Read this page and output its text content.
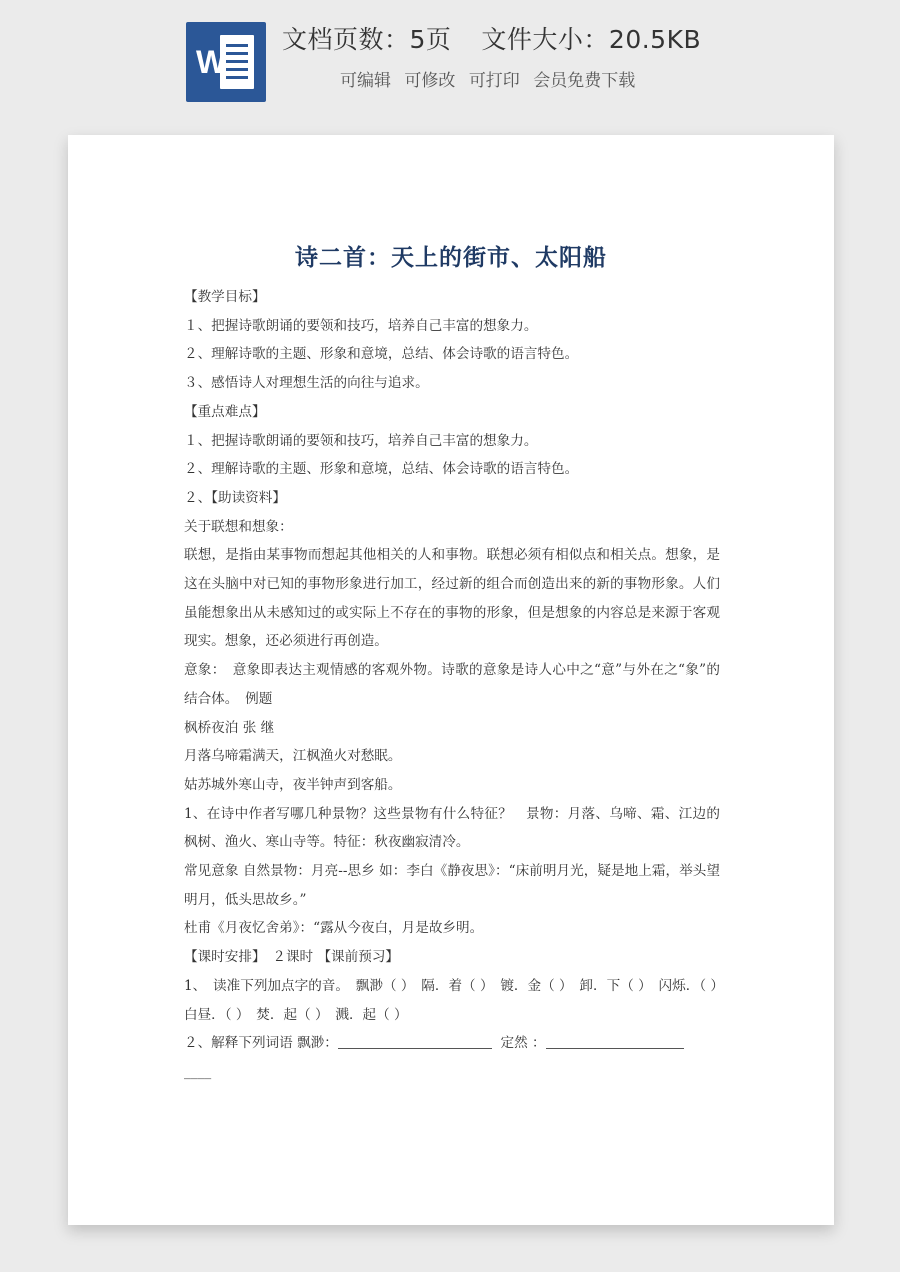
W
文档页数：5页 文件大小：20.5KB
可编辑 可修改 可打印 会员免费下载
诗二首：天上的街市、太阳船

【教学目标】

１、把握诗歌朗诵的要领和技巧，培养自己丰富的想象力。

２、理解诗歌的主题、形象和意境，总结、体会诗歌的语言特色。

３、感悟诗人对理想生活的向往与追求。

【重点难点】

１、把握诗歌朗诵的要领和技巧，培养自己丰富的想象力。

２、理解诗歌的主题、形象和意境，总结、体会诗歌的语言特色。

２、【助读资料】

关于联想和想象：

联想，是指由某事物而想起其他相关的人和事物。联想必须有相似点和相关点。想象，是这在头脑中对已知的事物形象进行加工，经过新的组合而创造出来的新的事物形象。人们虽能想象出从未感知过的或实际上不存在的事物的形象，但是想象的内容总是来源于客观现实。想象，还必须进行再创造。

意象：　意象即表达主观情感的客观外物。诗歌的意象是诗人心中之“意”与外在之“象”的结合体。　例题

枫桥夜泊 张 继

月落乌啼霜满天，江枫渔火对愁眠。

姑苏城外寒山寺，夜半钟声到客船。

1、在诗中作者写哪几种景物？这些景物有什么特征？　景物：月落、乌啼、霜、江边的枫树、渔火、寒山寺等。特征：秋夜幽寂清冷。

常见意象 自然景物：月亮--思乡 如：李白《静夜思》：“床前明月光，疑是地上霜，举头望明月，低头思故乡。”

杜甫《月夜忆舍弟》：“露从今夜白，月是故乡明。

【课时安排】　２课时 【课前预习】

1、　读准下列加点字的音。　飘渺（ ）　隔．着（ ）　镀．金（ ）　卸．下（ ）　闪烁．（ ）

白昼．（ ）　焚．起（ ）　溅．起（ ）

２、解释下列词语 飘渺：	定然 ：

____
